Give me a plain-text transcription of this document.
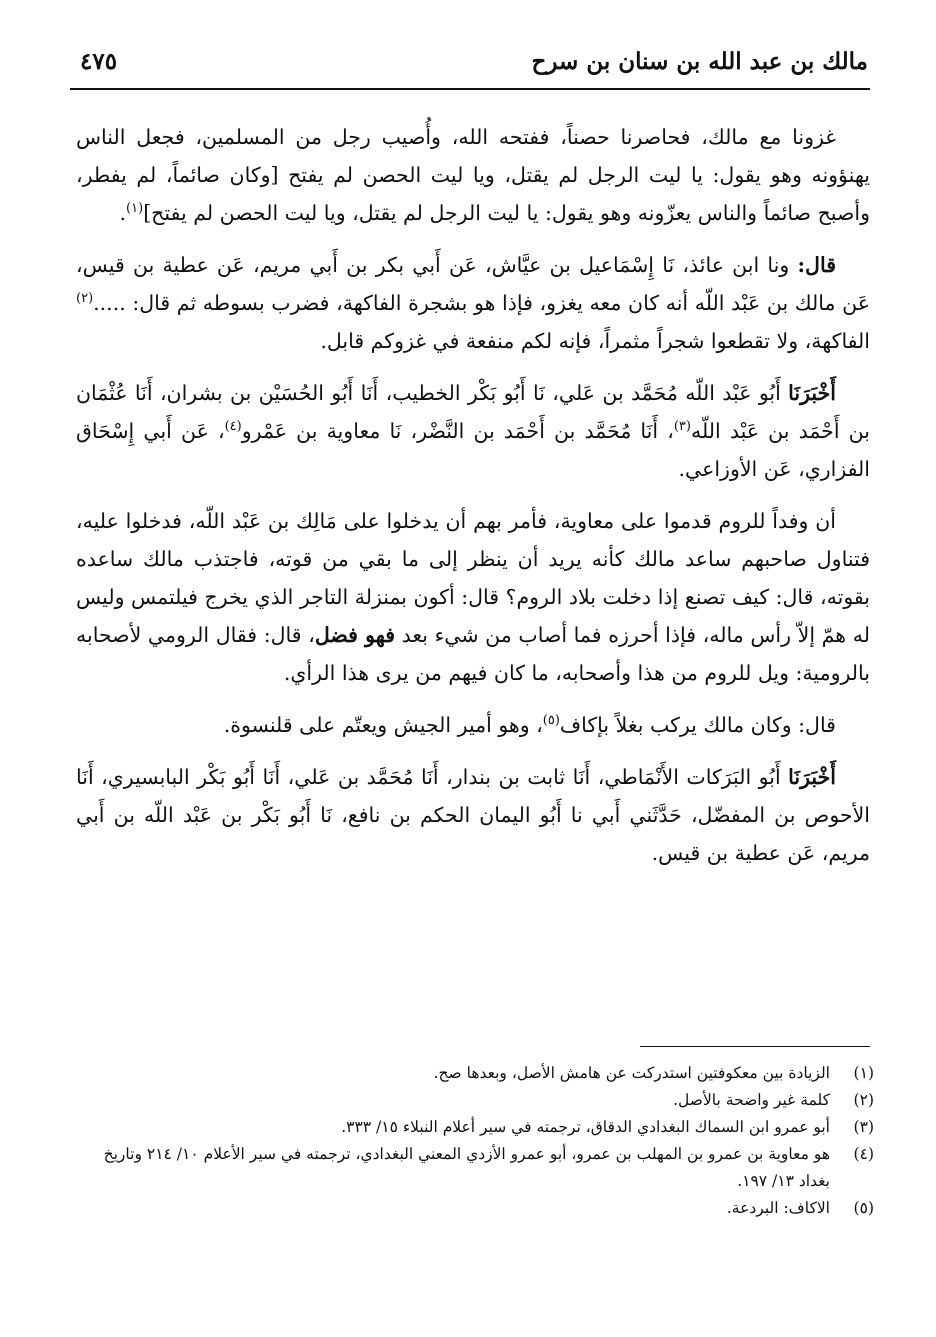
مالك بن عبد الله بن سنان بن سرح
٤٧٥

غزونا مع مالك، فحاصرنا حصناً، ففتحه الله، وأُصيب رجل من المسلمين، فجعل الناس يهنؤونه وهو يقول: يا ليت الرجل لم يقتل، ويا ليت الحصن لم يفتح [وكان صائماً، لم يفطر، وأصبح صائماً والناس يعزّونه وهو يقول: يا ليت الرجل لم يقتل، ويا ليت الحصن لم يفتح]$^{(١)}$.

قال: ونا ابن عائذ، نَا إِسْمَاعيل بن عيَّاش، عَن أَبي بكر بن أَبي مريم، عَن عطية بن قيس، عَن مالك بن عَبْد اللّه أنه كان معه يغزو، فإذا هو بشجرة الفاكهة، فضرب بسوطه ثم قال: .....$^{(٢)}$ الفاكهة، ولا تقطعوا شجراً مثمراً، فإنه لكم منفعة في غزوكم قابل.

أَخْبَرَنَا أَبُو عَبْد اللّه مُحَمَّد بن عَلي، نَا أَبُو بَكْر الخطيب، أَنَا أَبُو الحُسَيْن بن بشران، أَنَا عُثْمَان بن أَحْمَد بن عَبْد اللّه$^{(٣)}$، أَنَا مُحَمَّد بن أَحْمَد بن النَّضْر، نَا معاوية بن عَمْرو$^{(٤)}$، عَن أَبي إِسْحَاق الفزاري، عَن الأوزاعي.

أن وفداً للروم قدموا على معاوية، فأمر بهم أن يدخلوا على مَالِك بن عَبْد اللّه، فدخلوا عليه، فتناول صاحبهم ساعد مالك كأنه يريد أن ينظر إلى ما بقي من قوته، فاجتذب مالك ساعده بقوته، قال: كيف تصنع إذا دخلت بلاد الروم؟ قال: أكون بمنزلة التاجر الذي يخرج فيلتمس وليس له همّ إلاّ رأس ماله، فإذا أحرزه فما أصاب من شيء بعد فهو فضل، قال: فقال الرومي لأصحابه بالرومية: ويل للروم من هذا وأصحابه، ما كان فيهم من يرى هذا الرأي.

قال: وكان مالك يركب بغلاً بإكاف$^{(٥)}$، وهو أمير الجيش ويعتّم على قلنسوة.

أَخْبَرَنَا أَبُو البَرَكات الأَنْمَاطي، أَنَا ثابت بن بندار، أَنَا مُحَمَّد بن عَلي، أَنَا أَبُو بَكْر البابسيري، أَنَا الأحوص بن المفضّل، حَدَّثَني أَبي نا أَبُو اليمان الحكم بن نافع، نَا أَبُو بَكْر بن عَبْد اللّه بن أَبي مريم، عَن عطية بن قيس.

(١)
الزيادة بين معكوفتين استدركت عن هامش الأصل، وبعدها صح.

(٢)
كلمة غير واضحة بالأصل.

(٣)
أبو عمرو ابن السماك البغدادي الدقاق، ترجمته في سير أعلام النبلاء ١٥/ ٣٣٣.

(٤)
هو معاوية بن عمرو بن المهلب بن عمرو، أبو عمرو الأزدي المعني البغدادي، ترجمته في سير الأعلام ١٠/ ٢١٤ وتاريخ بغداد ١٣/ ١٩٧.

(٥)
الاكاف: البردعة.
